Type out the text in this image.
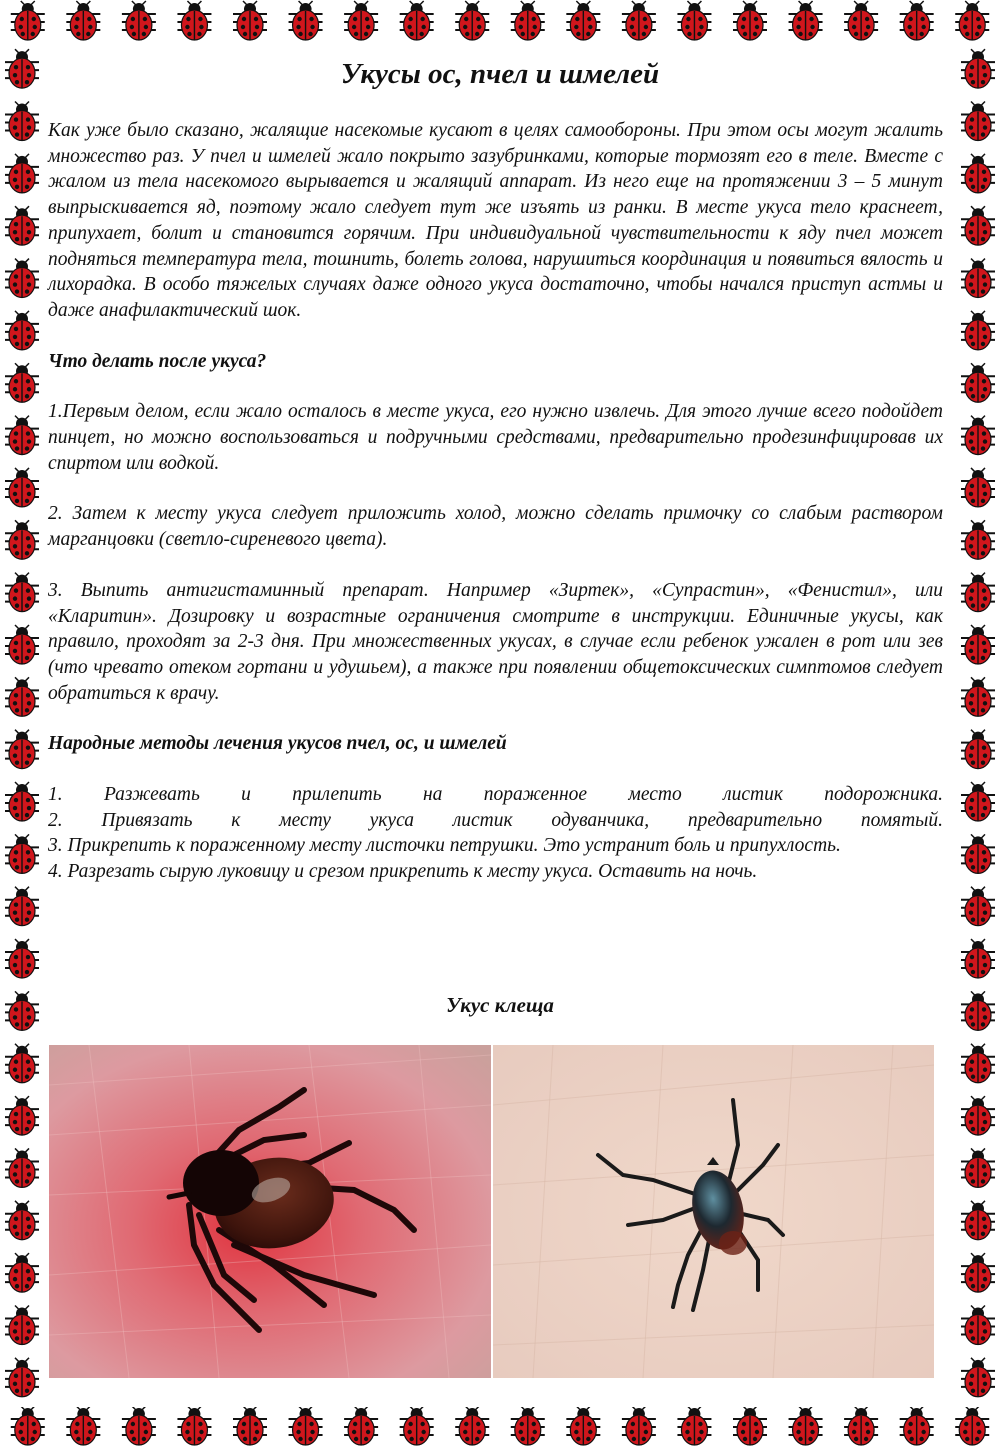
Укусы ос, пчел и шмелей

Как уже было сказано, жалящие насекомые кусают в целях самообороны. При этом осы могут жалить множество раз. У пчел и шмелей жало покрыто зазубринками, которые тормозят его в теле. Вместе с жалом из тела насекомого вырывается и жалящий аппарат. Из него еще на протяжении 3 – 5 минут выпрыскивается яд, поэтому жало следует тут же изъять из ранки. В месте укуса тело краснеет, припухает, болит и становится горячим. При индивидуальной чувствительности к яду пчел может подняться температура тела, тошнить, болеть голова, нарушиться координация и появиться вялость и лихорадка. В особо тяжелых случаях даже одного укуса достаточно, чтобы начался приступ астмы и даже анафилактический шок.

Что делать после укуса?

1.Первым делом, если жало осталось в месте укуса, его нужно извлечь. Для этого лучше всего подойдет пинцет, но можно воспользоваться и подручными средствами, предварительно продезинфицировав их спиртом или водкой.

2. Затем к месту укуса следует приложить холод, можно сделать примочку со слабым раствором марганцовки (светло-сиреневого цвета).

3. Выпить антигистаминный препарат. Например «Зиртек», «Супрастин», «Фенистил», или «Кларитин». Дозировку и возрастные ограничения смотрите в инструкции. Единичные укусы, как правило, проходят за 2-3 дня. При множественных укусах, в случае если ребенок ужален в рот или зев (что чревато отеком гортани и удушьем), а также при появлении общетоксических симптомов следует обратиться к врачу.

Народные методы лечения укусов пчел, ос, и шмелей

1. Разжевать и прилепить на пораженное место листик подорожника.

2. Привязать к месту укуса листик одуванчика, предварительно помятый.

3. Прикрепить к пораженному месту листочки петрушки. Это устранит боль и припухлость.

4. Разрезать сырую луковицу и срезом прикрепить к месту укуса. Оставить на ночь.

Укус клеща
